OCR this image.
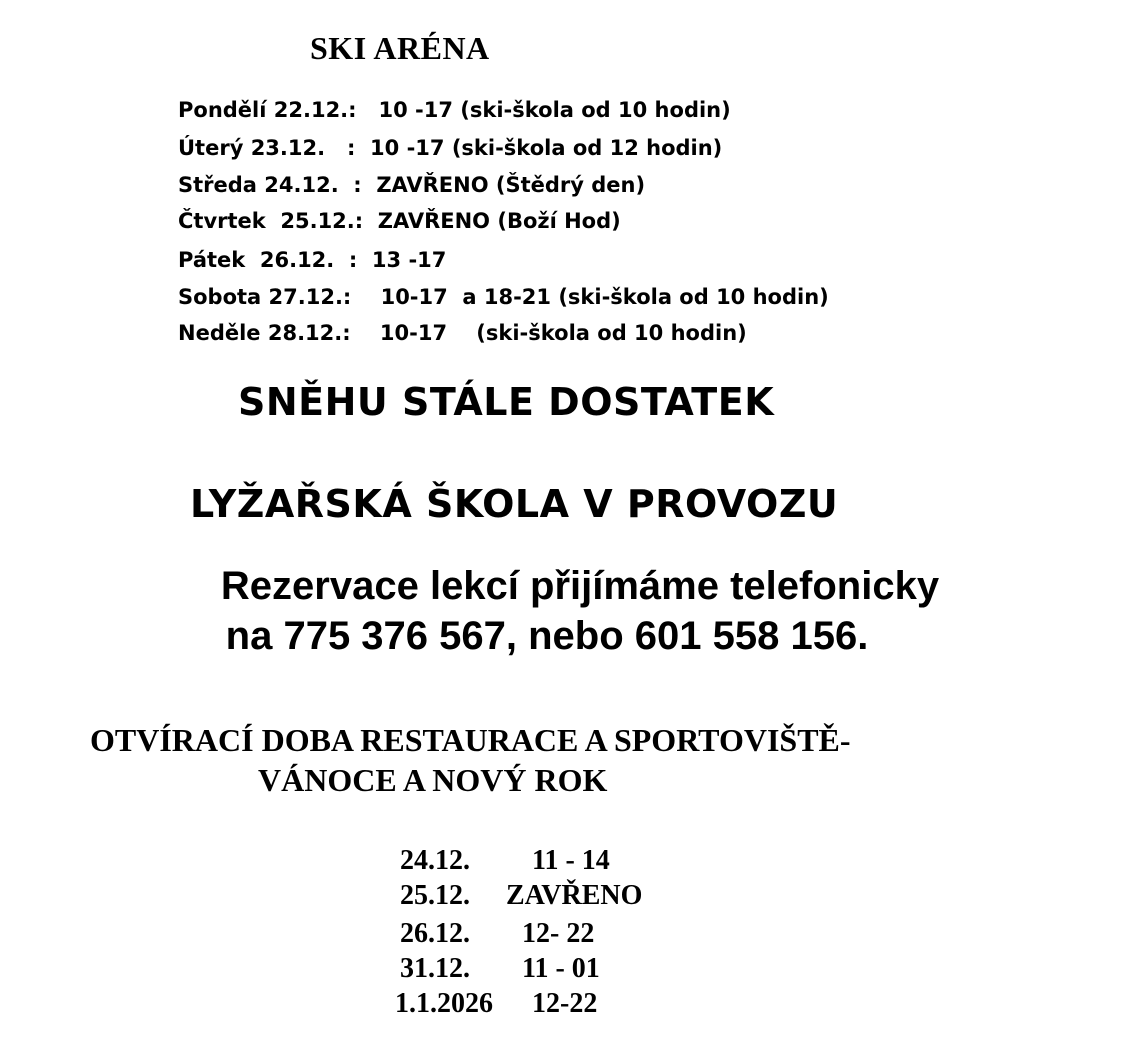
SKI ARÉNA
Pondělí 22.12.:   10 -17 (ski-škola od 10 hodin)
Úterý 23.12.   :  10 -17 (ski-škola od 12 hodin)
Středa 24.12.  :  ZAVŘENO (Štědrý den)
Čtvrtek  25.12.:  ZAVŘENO (Boží Hod)
Pátek  26.12.  :  13 -17
Sobota 27.12.:    10-17  a 18-21 (ski-škola od 10 hodin)
Neděle 28.12.:    10-17    (ski-škola od 10 hodin)
SNĚHU STÁLE DOSTATEK
LYŽAŘSKÁ ŠKOLA V PROVOZU
Rezervace lekcí přijímáme telefonicky
na 775 376 567, nebo 601 558 156.
OTVÍRACÍ DOBA RESTAURACE A SPORTOVIŠTĚ-
VÁNOCE A NOVÝ ROK
24.12. 11 - 14
25.12. ZAVŘENO
26.12. 12- 22
31.12. 11 - 01
1.1.2026 12-22
